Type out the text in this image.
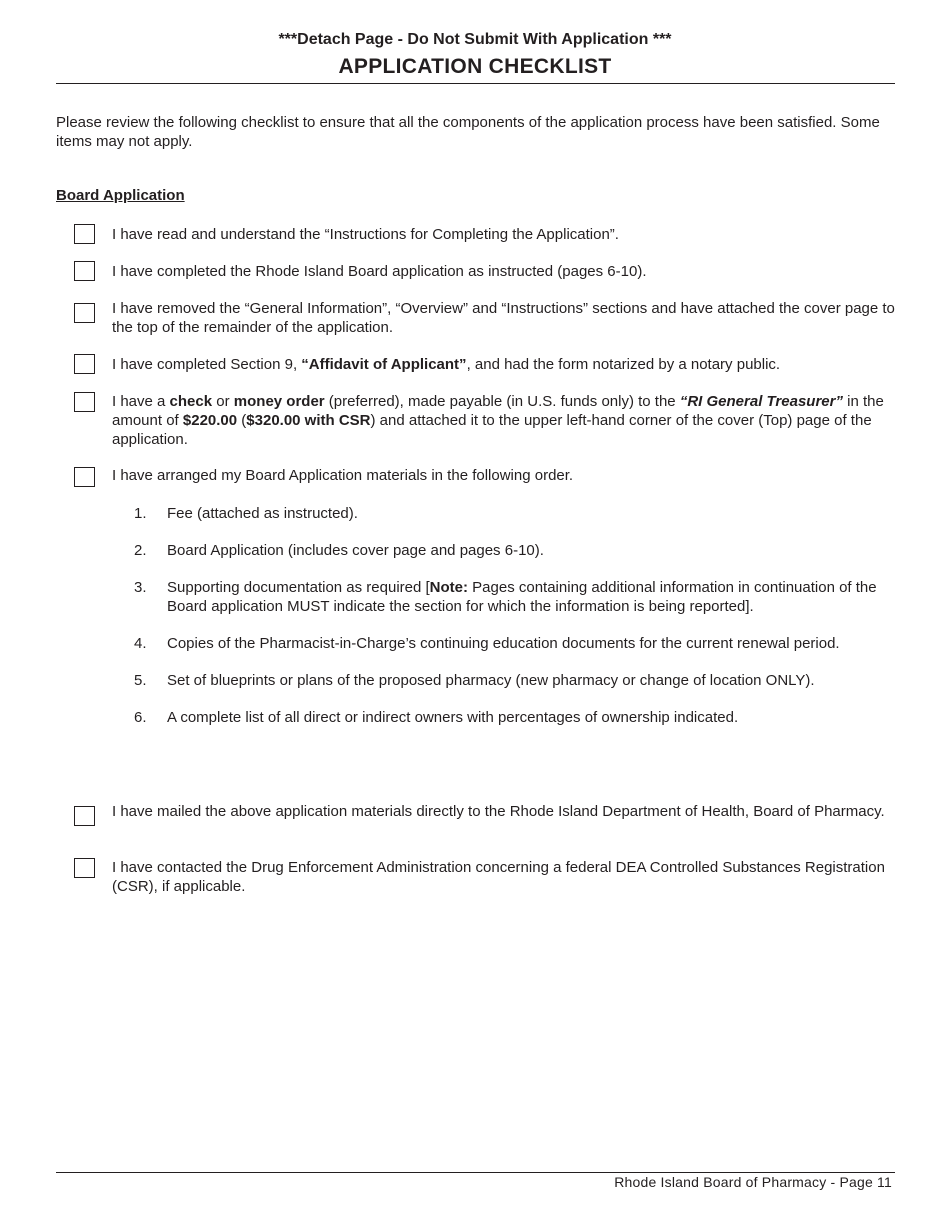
***Detach Page - Do Not Submit With Application ***
APPLICATION CHECKLIST
Please review the following checklist to ensure that all the components of the application process have been satisfied. Some items may not apply.
Board Application
I have read and understand the “Instructions for Completing the Application”.
I have completed the Rhode Island Board application as instructed (pages 6-10).
I have removed the “General Information”, “Overview” and “Instructions” sections and have attached the cover page to the top of the remainder of the application.
I have completed Section 9, “Affidavit of Applicant”, and had the form notarized by a notary public.
I have a check or money order (preferred), made payable (in U.S. funds only) to the “RI General Treasurer” in the amount of $220.00 ($320.00 with CSR) and attached it to the upper left-hand corner of the cover (Top) page of the application.
I have arranged my Board Application materials in the following order.
1. Fee (attached as instructed).
2. Board Application (includes cover page and pages 6-10).
3. Supporting documentation as required [Note: Pages containing additional information in continuation of the Board application MUST indicate the section for which the information is being reported].
4. Copies of the Pharmacist-in-Charge’s continuing education documents for the current renewal period.
5. Set of blueprints or plans of the proposed pharmacy (new pharmacy or change of location ONLY).
6. A complete list of all direct or indirect owners with percentages of ownership indicated.
I have mailed the above application materials directly to the Rhode Island Department of Health, Board of Pharmacy.
I have contacted the Drug Enforcement Administration concerning a federal DEA Controlled Substances Registration (CSR), if applicable.
Rhode Island Board of Pharmacy - Page 11
